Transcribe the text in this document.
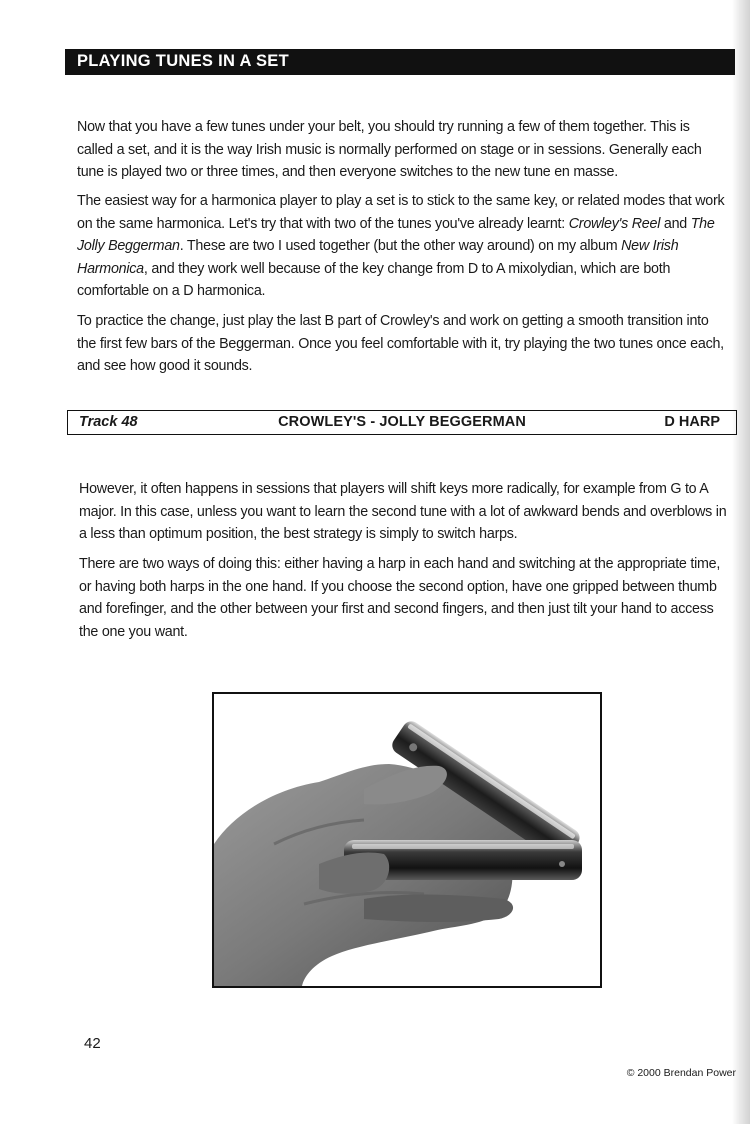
PLAYING TUNES IN A SET

Now that you have a few tunes under your belt, you should try running a few of them together. This is called a set, and it is the way Irish music is normally performed on stage or in sessions. Generally each tune is played two or three times, and then everyone switches to the new tune en masse.

The easiest way for a harmonica player to play a set is to stick to the same key, or related modes that work on the same harmonica. Let's try that with two of the tunes you've already learnt: Crowley's Reel and The Jolly Beggerman. These are two I used together (but the other way around) on my album New Irish Harmonica, and they work well because of the key change from D to A mixolydian, which are both comfortable on a D harmonica.

To practice the change, just play the last B part of Crowley's and work on getting a smooth transition into the first few bars of the Beggerman. Once you feel comfortable with it, try playing the two tunes once each, and see how good it sounds.

Track 48	CROWLEY'S - JOLLY BEGGERMAN	D HARP

However, it often happens in sessions that players will shift keys more radically, for example from G to A major. In this case, unless you want to learn the second tune with a lot of awkward bends and overblows in a less than optimum position, the best strategy is simply to switch harps.

There are two ways of doing this: either having a harp in each hand and switching at the appropriate time, or having both harps in the one hand. If you choose the second option, have one gripped between thumb and forefinger, and the other between your first and second fingers, and then just tilt your hand to access the one you want.

42
© 2000 Brendan Power
